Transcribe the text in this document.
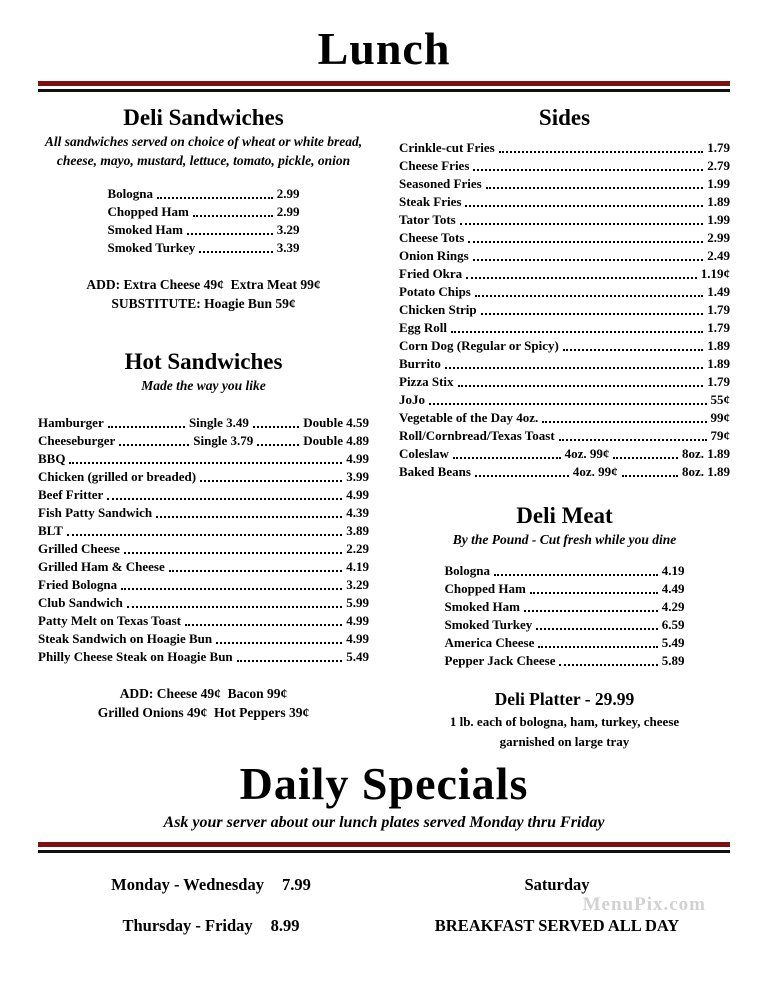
Lunch
Deli Sandwiches

All sandwiches served on choice of wheat or white bread,

cheese, mayo, mustard, lettuce, tomato, pickle, onion

Bologna	2.99
Chopped Ham	2.99
Smoked Ham	3.29
Smoked Turkey	3.39

ADD: Extra Cheese 49¢  Extra Meat 99¢

SUBSTITUTE: Hoagie Bun 59¢

Hot Sandwiches

Made the way you like

Hamburger	Single 3.49	Double 4.59
Cheeseburger	Single 3.79	Double 4.89
BBQ	4.99
Chicken (grilled or breaded)	3.99
Beef Fritter	4.99
Fish Patty Sandwich	4.39
BLT	3.89
Grilled Cheese	2.29
Grilled Ham & Cheese	4.19
Fried Bologna	3.29
Club Sandwich	5.99
Patty Melt on Texas Toast	4.99
Steak Sandwich on Hoagie Bun	4.99
Philly Cheese Steak on Hoagie Bun	5.49

ADD: Cheese 49¢  Bacon 99¢

Grilled Onions 49¢  Hot Peppers 39¢

Sides
Crinkle-cut Fries	1.79
Cheese Fries	2.79
Seasoned Fries	1.99
Steak Fries	1.89
Tator Tots	1.99
Cheese Tots	2.99
Onion Rings	2.49
Fried Okra	1.19¢
Potato Chips	1.49
Chicken Strip	1.79
Egg Roll	1.79
Corn Dog (Regular or Spicy)	1.89
Burrito	1.89
Pizza Stix	1.79
JoJo	55¢
Vegetable of the Day 4oz.	99¢
Roll/Cornbread/Texas Toast	79¢
Coleslaw	4oz. 99¢	8oz. 1.89
Baked Beans	4oz. 99¢	8oz. 1.89
Deli Meat

By the Pound - Cut fresh while you dine

Bologna	4.19
Chopped Ham	4.49
Smoked Ham	4.29
Smoked Turkey	6.59
America Cheese	5.49
Pepper Jack Cheese	5.89
Deli Platter - 29.99

1 lb. each of bologna, ham, turkey, cheese

garnished on large tray

Daily Specials

Ask your server about our lunch plates served Monday thru Friday

Monday - Wednesday 7.99
Thursday - Friday 8.99
Saturday
BREAKFAST SERVED ALL DAY
MenuPix.com
